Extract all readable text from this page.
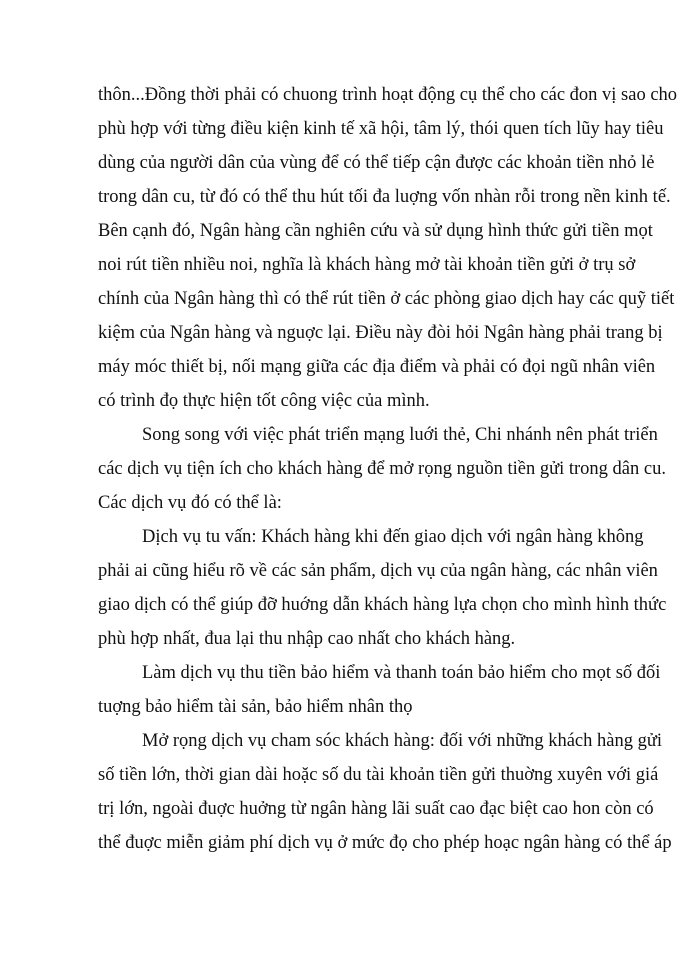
thôn...Đồng thời phải có chuong trình hoạt động cụ thể cho các đon vị sao cho
phù hợp với từng điều kiện kinh tế xã hội, tâm lý, thói quen tích lũy hay tiêu
dùng của người dân của vùng để có thể tiếp cận được các khoản tiền nhỏ lẻ
trong dân cu, từ đó có thể thu hút tối đa luợng vốn nhàn rỗi trong nền kinh tế.
Bên cạnh đó, Ngân hàng cần nghiên cứu và sử dụng hình thức gửi tiền mọt
noi rút tiền nhiều noi, nghĩa là khách hàng mở tài khoản tiền gửi ở trụ sở
chính của Ngân hàng thì có thể rút tiền ở các phòng giao dịch hay các quỹ tiết
kiệm của Ngân hàng và nguợc lại. Điều này đòi hỏi Ngân hàng phải trang bị
máy móc thiết bị, nối mạng giữa các địa điểm và phải có đọi ngũ nhân viên
có trình đọ thực hiện tốt công việc của mình.
Song song với việc phát triển mạng luới thẻ, Chi nhánh nên phát triển
các dịch vụ tiện ích cho khách hàng để mở rọng nguồn tiền gửi trong dân cu.
Các dịch vụ đó có thể là:
Dịch vụ tu vấn: Khách hàng khi đến giao dịch với ngân hàng không
phải ai cũng hiểu rõ về các sản phẩm, dịch vụ của ngân hàng, các nhân viên
giao dịch có thể giúp đỡ huớng dẫn khách hàng lựa chọn cho mình hình thức
phù hợp nhất, đua lại thu nhập cao nhất cho khách hàng.
Làm dịch vụ thu tiền bảo hiểm và thanh toán bảo hiểm cho mọt số đối
tuợng bảo hiểm tài sản, bảo hiểm nhân thọ
Mở rọng dịch vụ cham sóc khách hàng: đối với những khách hàng gửi
số tiền lớn, thời gian dài hoặc số du tài khoản tiền gửi thuờng xuyên với giá
trị lớn, ngoài đuợc huởng từ ngân hàng lãi suất cao đạc biệt cao hon còn có
thể đuợc miễn giảm phí dịch vụ ở mức đọ cho phép hoạc ngân hàng có thể áp
